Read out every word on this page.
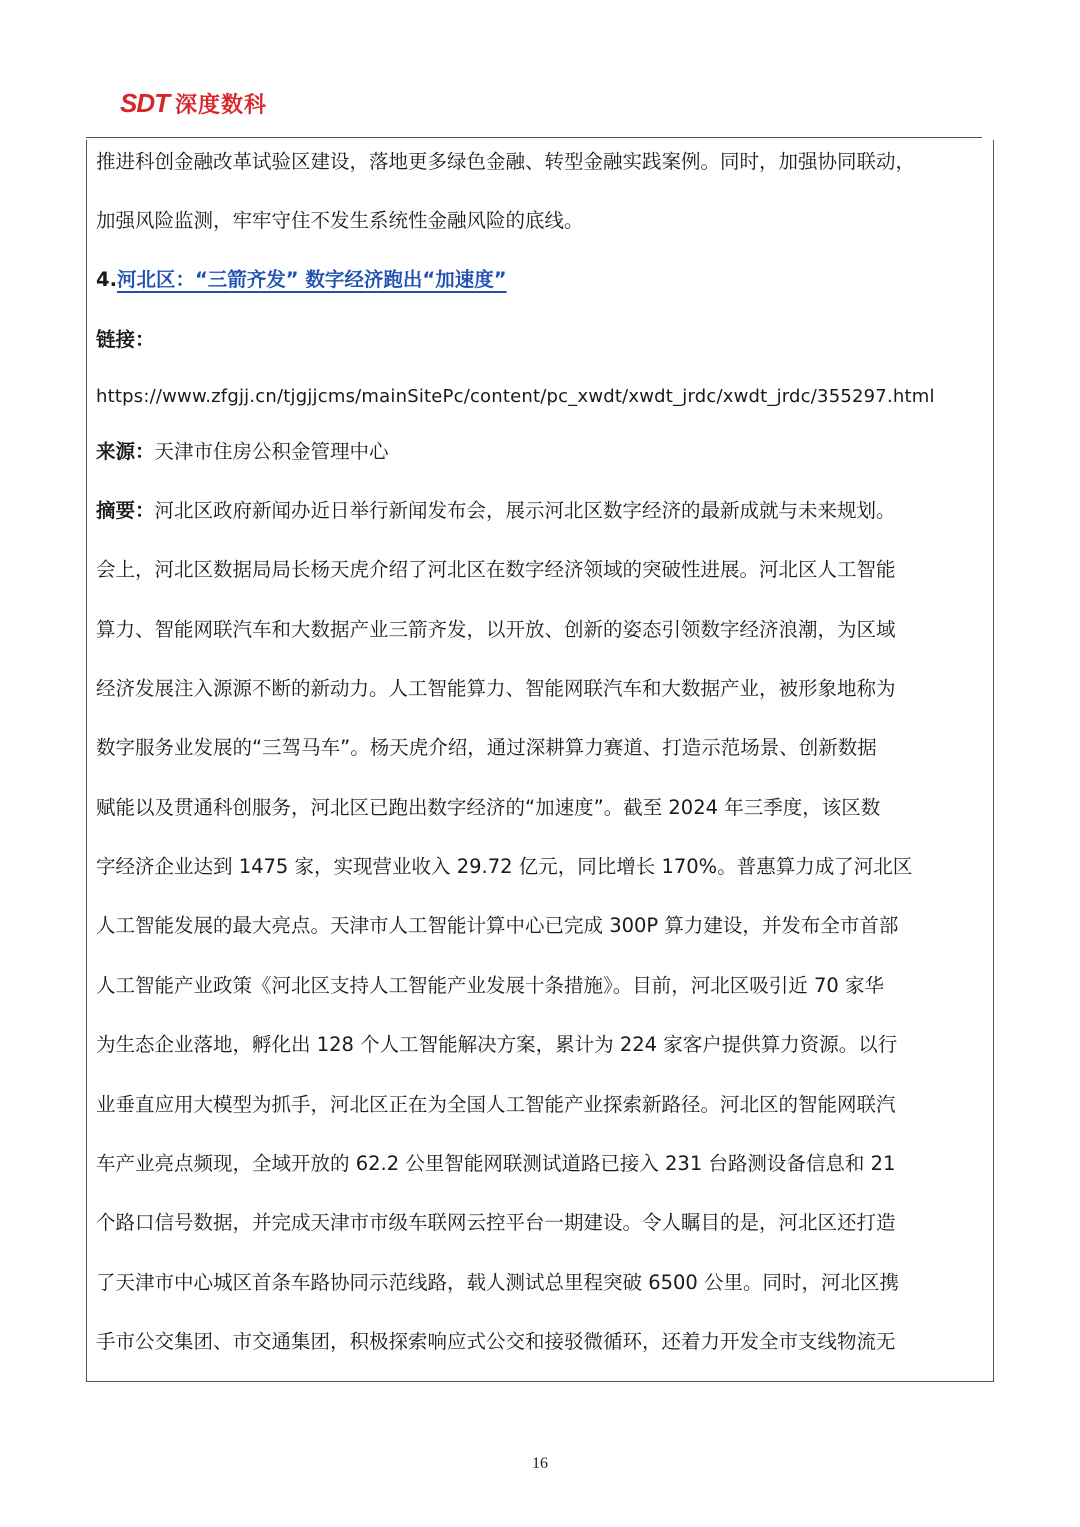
SDT 深度数科
推进科创金融改革试验区建设，落地更多绿色金融、转型金融实践案例。同时，加强协同联动，
加强风险监测，牢牢守住不发生系统性金融风险的底线。
4.河北区：“三箭齐发” 数字经济跑出“加速度”
链接：
https://www.zfgjj.cn/tjgjjcms/mainSitePc/content/pc_xwdt/xwdt_jrdc/xwdt_jrdc/355297.html
来源：天津市住房公积金管理中心
摘要：河北区政府新闻办近日举行新闻发布会，展示河北区数字经济的最新成就与未来规划。
会上，河北区数据局局长杨天虎介绍了河北区在数字经济领域的突破性进展。河北区人工智能
算力、智能网联汽车和大数据产业三箭齐发，以开放、创新的姿态引领数字经济浪潮，为区域
经济发展注入源源不断的新动力。人工智能算力、智能网联汽车和大数据产业，被形象地称为
数字服务业发展的“三驾马车”。杨天虎介绍，通过深耕算力赛道、打造示范场景、创新数据
赋能以及贯通科创服务，河北区已跑出数字经济的“加速度”。截至 2024 年三季度，该区数
字经济企业达到 1475 家，实现营业收入 29.72 亿元，同比增长 170%。普惠算力成了河北区
人工智能发展的最大亮点。天津市人工智能计算中心已完成 300P 算力建设，并发布全市首部
人工智能产业政策《河北区支持人工智能产业发展十条措施》。目前，河北区吸引近 70 家华
为生态企业落地，孵化出 128 个人工智能解决方案，累计为 224 家客户提供算力资源。以行
业垂直应用大模型为抓手，河北区正在为全国人工智能产业探索新路径。河北区的智能网联汽
车产业亮点频现，全域开放的 62.2 公里智能网联测试道路已接入 231 台路测设备信息和 21
个路口信号数据，并完成天津市市级车联网云控平台一期建设。令人瞩目的是，河北区还打造
了天津市中心城区首条车路协同示范线路，载人测试总里程突破 6500 公里。同时，河北区携
手市公交集团、市交通集团，积极探索响应式公交和接驳微循环，还着力开发全市支线物流无
16
